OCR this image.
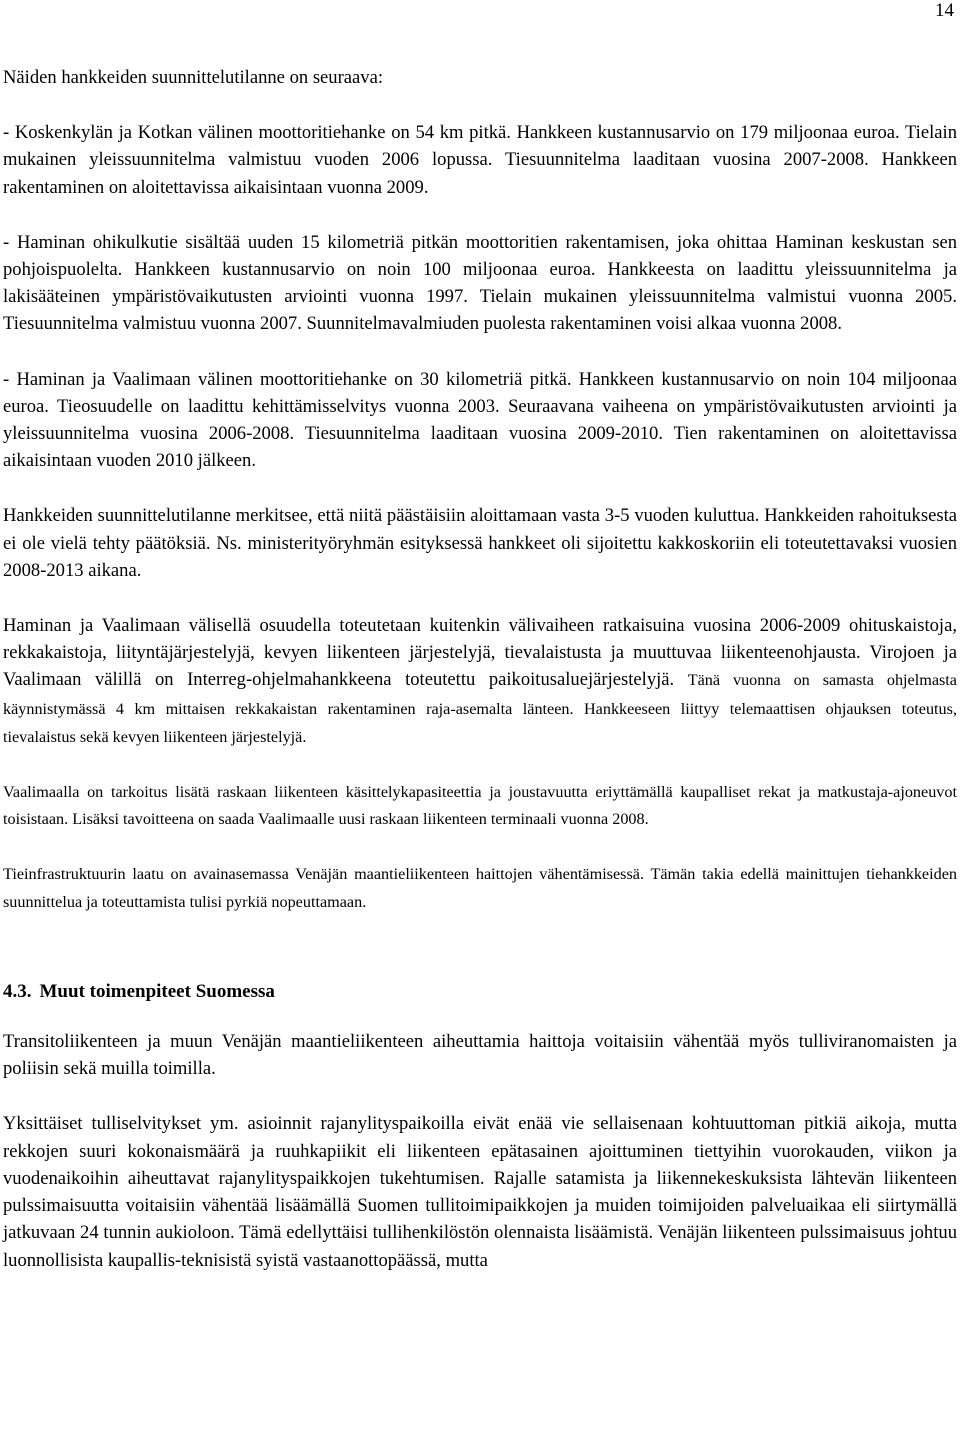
14

Näiden hankkeiden suunnittelutilanne on seuraava:

- Koskenkylän ja Kotkan välinen moottoritiehanke on 54 km pitkä. Hankkeen kustannusarvio on 179 miljoonaa euroa. Tielain mukainen yleissuunnitelma valmistuu vuoden 2006 lopussa. Tiesuunnitelma laaditaan vuosina 2007-2008. Hankkeen rakentaminen on aloitettavissa aikaisintaan vuonna 2009.

- Haminan ohikulkutie sisältää uuden 15 kilometriä pitkän moottoritien rakentamisen, joka ohittaa Haminan keskustan sen pohjoispuolelta. Hankkeen kustannusarvio on noin 100 miljoonaa euroa. Hankkeesta on laadittu yleissuunnitelma ja lakisääteinen ympäristövaikutusten arviointi vuonna 1997. Tielain mukainen yleissuunnitelma valmistui vuonna 2005. Tiesuunnitelma valmistuu vuonna 2007. Suunnitelmavalmiuden puolesta rakentaminen voisi alkaa vuonna 2008.

- Haminan ja Vaalimaan välinen moottoritiehanke on 30 kilometriä pitkä. Hankkeen kustannusarvio on noin 104 miljoonaa euroa. Tieosuudelle on laadittu kehittämisselvitys vuonna 2003. Seuraavana vaiheena on ympäristövaikutusten arviointi ja yleissuunnitelma vuosina 2006-2008. Tiesuunnitelma laaditaan vuosina 2009-2010. Tien rakentaminen on aloitettavissa aikaisintaan vuoden 2010 jälkeen.

Hankkeiden suunnittelutilanne merkitsee, että niitä päästäisiin aloittamaan vasta 3-5 vuoden kuluttua. Hankkeiden rahoituksesta ei ole vielä tehty päätöksiä. Ns. ministerityöryhmän esityksessä hankkeet oli sijoitettu kakkoskoriin eli toteutettavaksi vuosien 2008-2013 aikana.

Haminan ja Vaalimaan välisellä osuudella toteutetaan kuitenkin välivaiheen ratkaisuina vuosina 2006-2009 ohituskaistoja, rekkakaistoja, liityntäjärjestelyjä, kevyen liikenteen järjestelyjä, tievalaistusta ja muuttuvaa liikenteenohjausta. Virojoen ja Vaalimaan välillä on Interreg-ohjelmahankkeena toteutettu paikoitusaluejärjestelyjä. Tänä vuonna on samasta ohjelmasta käynnistymässä 4 km mittaisen rekkakaistan rakentaminen raja-asemalta länteen. Hankkeeseen liittyy telemaattisen ohjauksen toteutus, tievalaistus sekä kevyen liikenteen järjestelyjä.

Vaalimaalla on tarkoitus lisätä raskaan liikenteen käsittelykapasiteettia ja joustavuutta eriyttämällä kaupalliset rekat ja matkustaja-ajoneuvot toisistaan. Lisäksi tavoitteena on saada Vaalimaalle uusi raskaan liikenteen terminaali vuonna 2008.

Tieinfrastruktuurin laatu on avainasemassa Venäjän maantieliikenteen haittojen vähentämisessä. Tämän takia edellä mainittujen tiehankkeiden suunnittelua ja toteuttamista tulisi pyrkiä nopeuttamaan.

4.3. Muut toimenpiteet Suomessa

Transitoliikenteen ja muun Venäjän maantieliikenteen aiheuttamia haittoja voitaisiin vähentää myös tulliviranomaisten ja poliisin sekä muilla toimilla.

Yksittäiset tulliselvitykset ym. asioinnit rajanylityspaikoilla eivät enää vie sellaisenaan kohtuuttoman pitkiä aikoja, mutta rekkojen suuri kokonaismäärä ja ruuhkapiikit eli liikenteen epätasainen ajoittuminen tiettyihin vuorokauden, viikon ja vuodenaikoihin aiheuttavat rajanylityspaikkojen tukehtumisen. Rajalle satamista ja liikennekeskuksista lähtevän liikenteen pulssimaisuutta voitaisiin vähentää lisäämällä Suomen tullitoimipaikkojen ja muiden toimijoiden palveluaikaa eli siirtymällä jatkuvaan 24 tunnin aukioloon. Tämä edellyttäisi tullihenkilöstön olennaista lisäämistä. Venäjän liikenteen pulssimaisuus johtuu luonnollisista kaupallis-teknisistä syistä vastaanottopäässä, mutta
